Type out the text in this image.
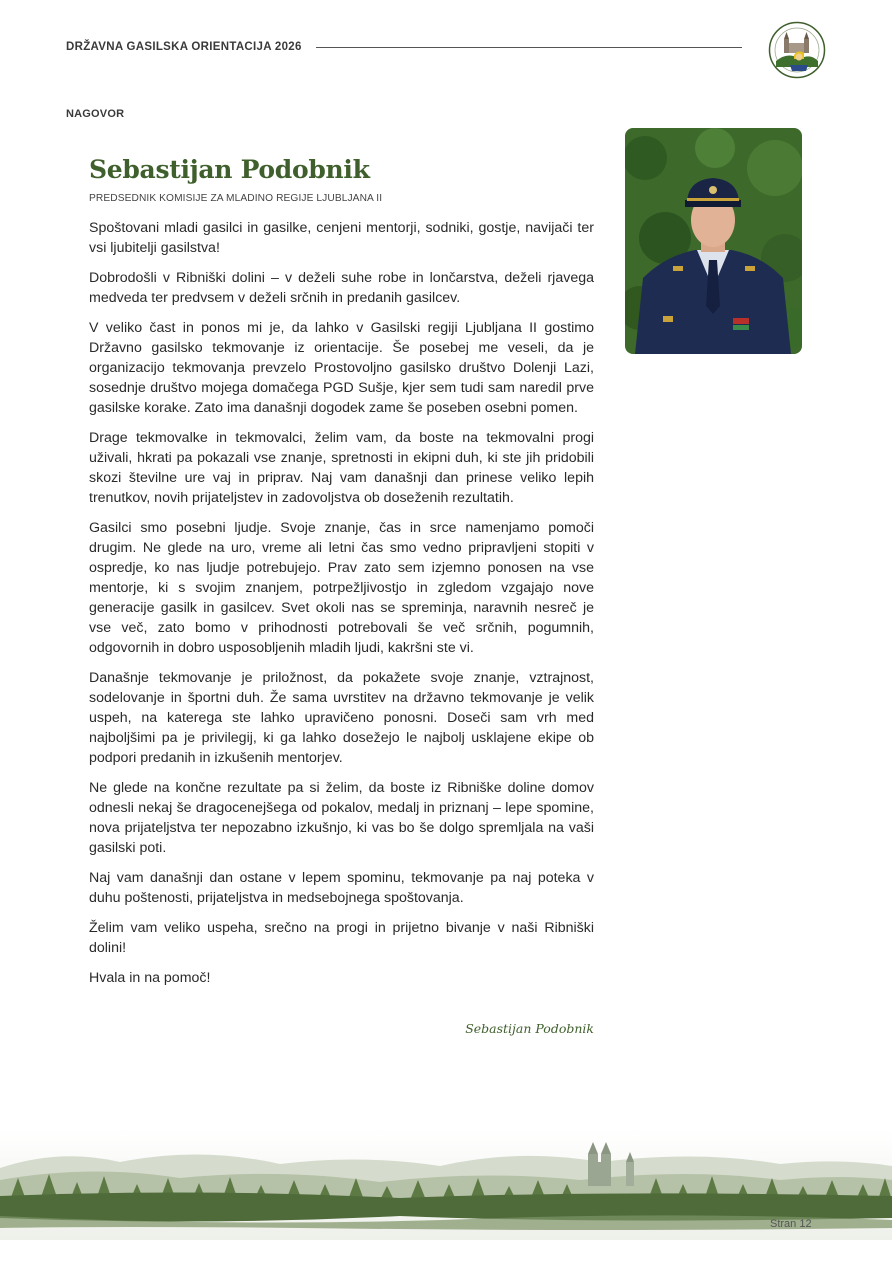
DRŽAVNA GASILSKA ORIENTACIJA 2026
NAGOVOR
Sebastijan Podobnik
PREDSEDNIK KOMISIJE ZA MLADINO REGIJE LJUBLJANA II

Spoštovani mladi gasilci in gasilke, cenjeni mentorji, sodniki, gostje, navijači ter vsi ljubitelji gasilstva!

Dobrodošli v Ribniški dolini – v deželi suhe robe in lončarstva, deželi rjavega medveda ter predvsem v deželi srčnih in predanih gasilcev.

V veliko čast in ponos mi je, da lahko v Gasilski regiji Ljubljana II gostimo Državno gasilsko tekmovanje iz orientacije. Še posebej me veseli, da je organizacijo tekmovanja prevzelo Prostovoljno gasilsko društvo Dolenji Lazi, sosednje društvo mojega domačega PGD Sušje, kjer sem tudi sam naredil prve gasilske korake. Zato ima današnji dogodek zame še poseben osebni pomen.

Drage tekmovalke in tekmovalci, želim vam, da boste na tekmovalni progi uživali, hkrati pa pokazali vse znanje, spretnosti in ekipni duh, ki ste jih pridobili skozi številne ure vaj in priprav. Naj vam današnji dan prinese veliko lepih trenutkov, novih prijateljstev in zadovoljstva ob doseženih rezultatih.

Gasilci smo posebni ljudje. Svoje znanje, čas in srce namenjamo pomoči drugim. Ne glede na uro, vreme ali letni čas smo vedno pripravljeni stopiti v ospredje, ko nas ljudje potrebujejo. Prav zato sem izjemno ponosen na vse mentorje, ki s svojim znanjem, potrpežljivostjo in zgledom vzgajajo nove generacije gasilk in gasilcev. Svet okoli nas se spreminja, naravnih nesreč je vse več, zato bomo v prihodnosti potrebovali še več srčnih, pogumnih, odgovornih in dobro usposobljenih mladih ljudi, kakršni ste vi.

Današnje tekmovanje je priložnost, da pokažete svoje znanje, vztrajnost, sodelovanje in športni duh. Že sama uvrstitev na državno tekmovanje je velik uspeh, na katerega ste lahko upravičeno ponosni. Doseči sam vrh med najboljšimi pa je privilegij, ki ga lahko dosežejo le najbolj usklajene ekipe ob podpori predanih in izkušenih mentorjev.

Ne glede na končne rezultate pa si želim, da boste iz Ribniške doline domov odnesli nekaj še dragocenejšega od pokalov, medalj in priznanj – lepe spomine, nova prijateljstva ter nepozabno izkušnjo, ki vas bo še dolgo spremljala na vaši gasilski poti.

Naj vam današnji dan ostane v lepem spominu, tekmovanje pa naj poteka v duhu poštenosti, prijateljstva in medsebojnega spoštovanja.

Želim vam veliko uspeha, srečno na progi in prijetno bivanje v naši Ribniški dolini!

Hvala in na pomoč!

Sebastijan Podobnik
Stran 12
